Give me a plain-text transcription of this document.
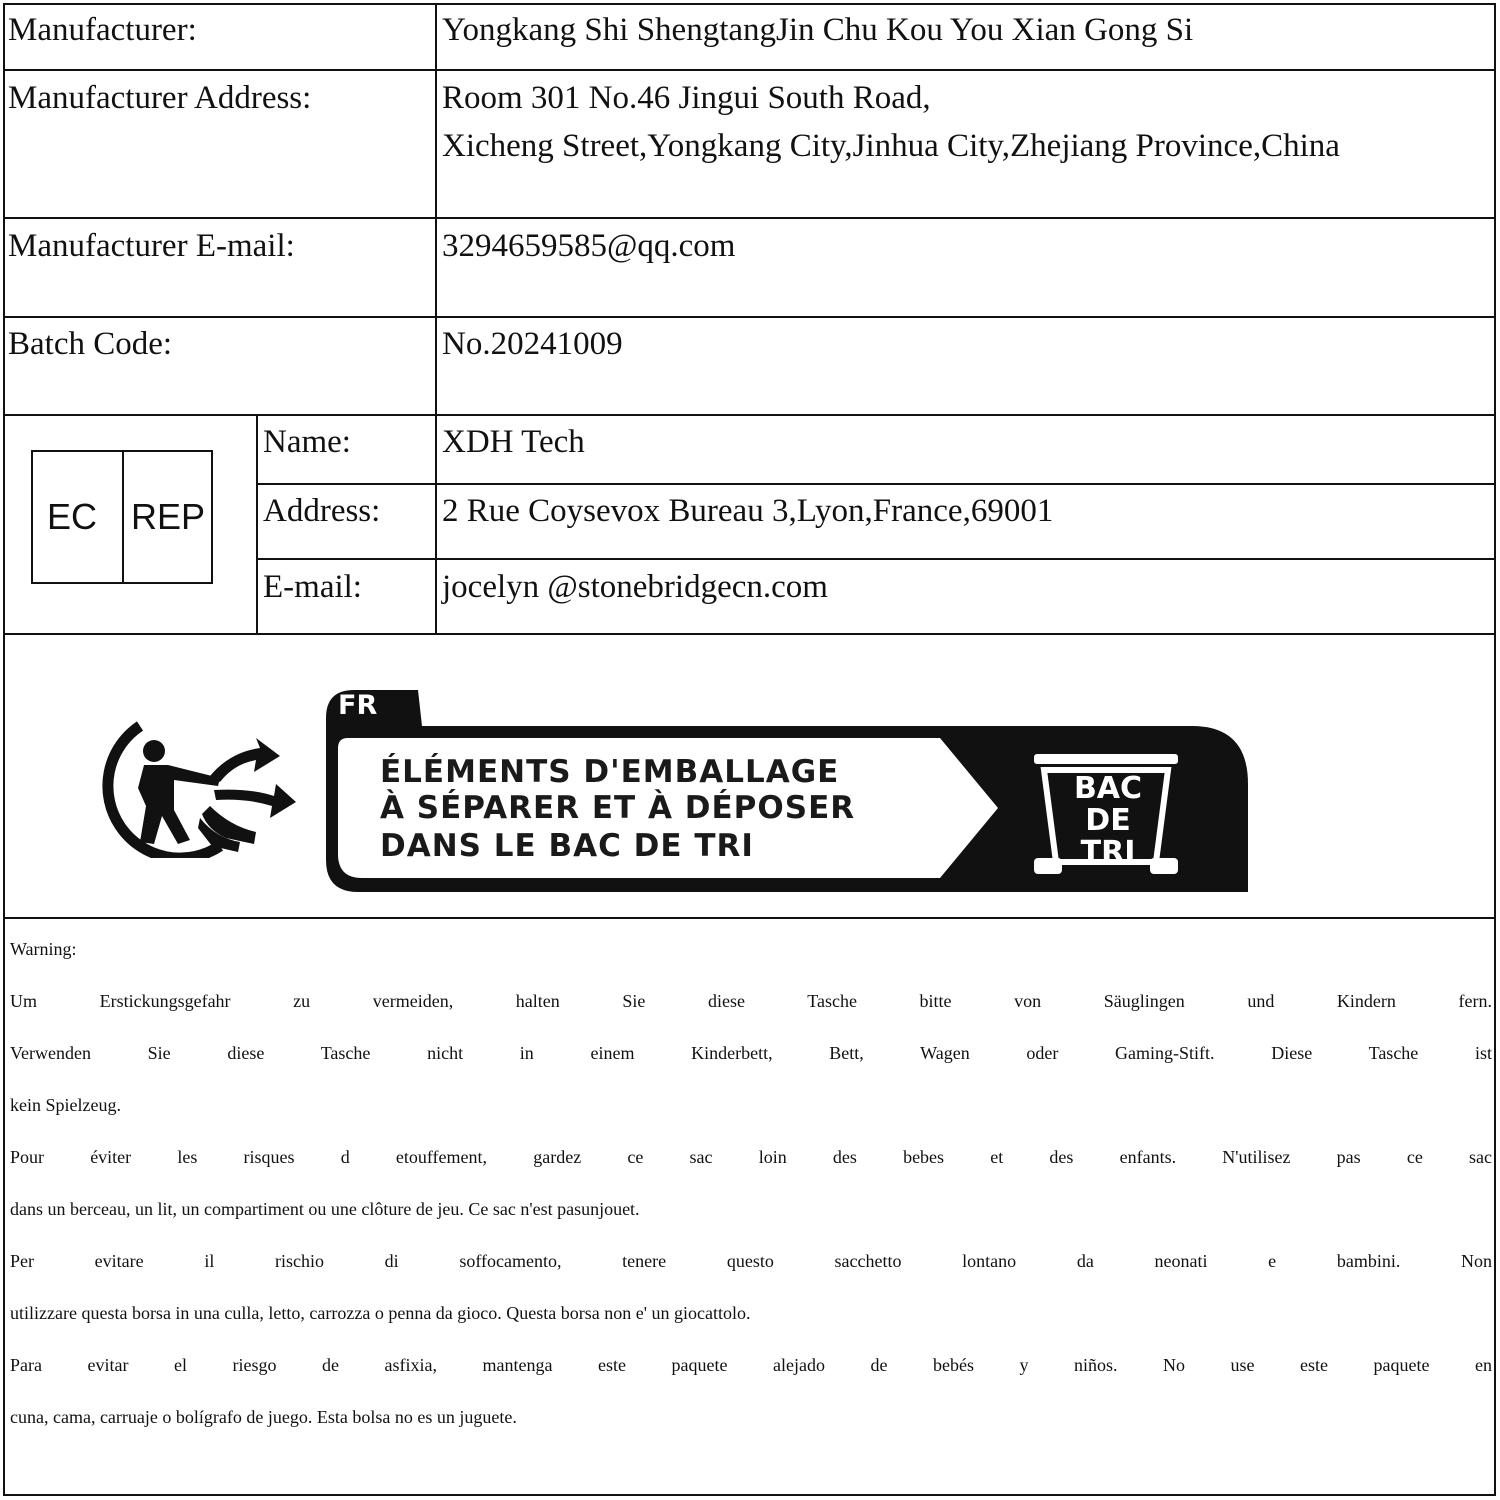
Manufacturer:	Yongkang Shi ShengtangJin Chu Kou You Xian Gong Si
Manufacturer Address:	Room 301 No.46 Jingui South Road,
Xicheng Street,Yongkang City,Jinhua City,Zhejiang Province,China
Manufacturer E-mail:	3294659585@qq.com
Batch Code:	No.20241009
EC REP
Name:	XDH Tech
Address: 2 Rue Coysevox Bureau 3,Lyon,France,69001
E-mail: jocelyn @stonebridgecn.com
FR
ÉLÉMENTS D'EMBALLAGE
À SÉPARER ET À DÉPOSER
DANS LE BAC DE TRI
BAC
DE
TRI
Warning:
Um Erstickungsgefahr zu vermeiden, halten Sie diese Tasche bitte von Säuglingen und Kindern fern.
Verwenden Sie diese Tasche nicht in einem Kinderbett, Bett, Wagen oder Gaming-Stift. Diese Tasche ist
kein Spielzeug.
Pour éviter les risques d etouffement, gardez ce sac loin des bebes et des enfants. N'utilisez pas ce sac
dans un berceau, un lit, un compartiment ou une clôture de jeu. Ce sac n'est pasunjouet.
Per evitare il rischio di soffocamento, tenere questo sacchetto lontano da neonati e bambini. Non
utilizzare questa borsa in una culla, letto, carrozza o penna da gioco. Questa borsa non e' un giocattolo.
Para evitar el riesgo de asfixia, mantenga este paquete alejado de bebés y niños. No use este paquete en
cuna, cama, carruaje o bolígrafo de juego. Esta bolsa no es un juguete.
